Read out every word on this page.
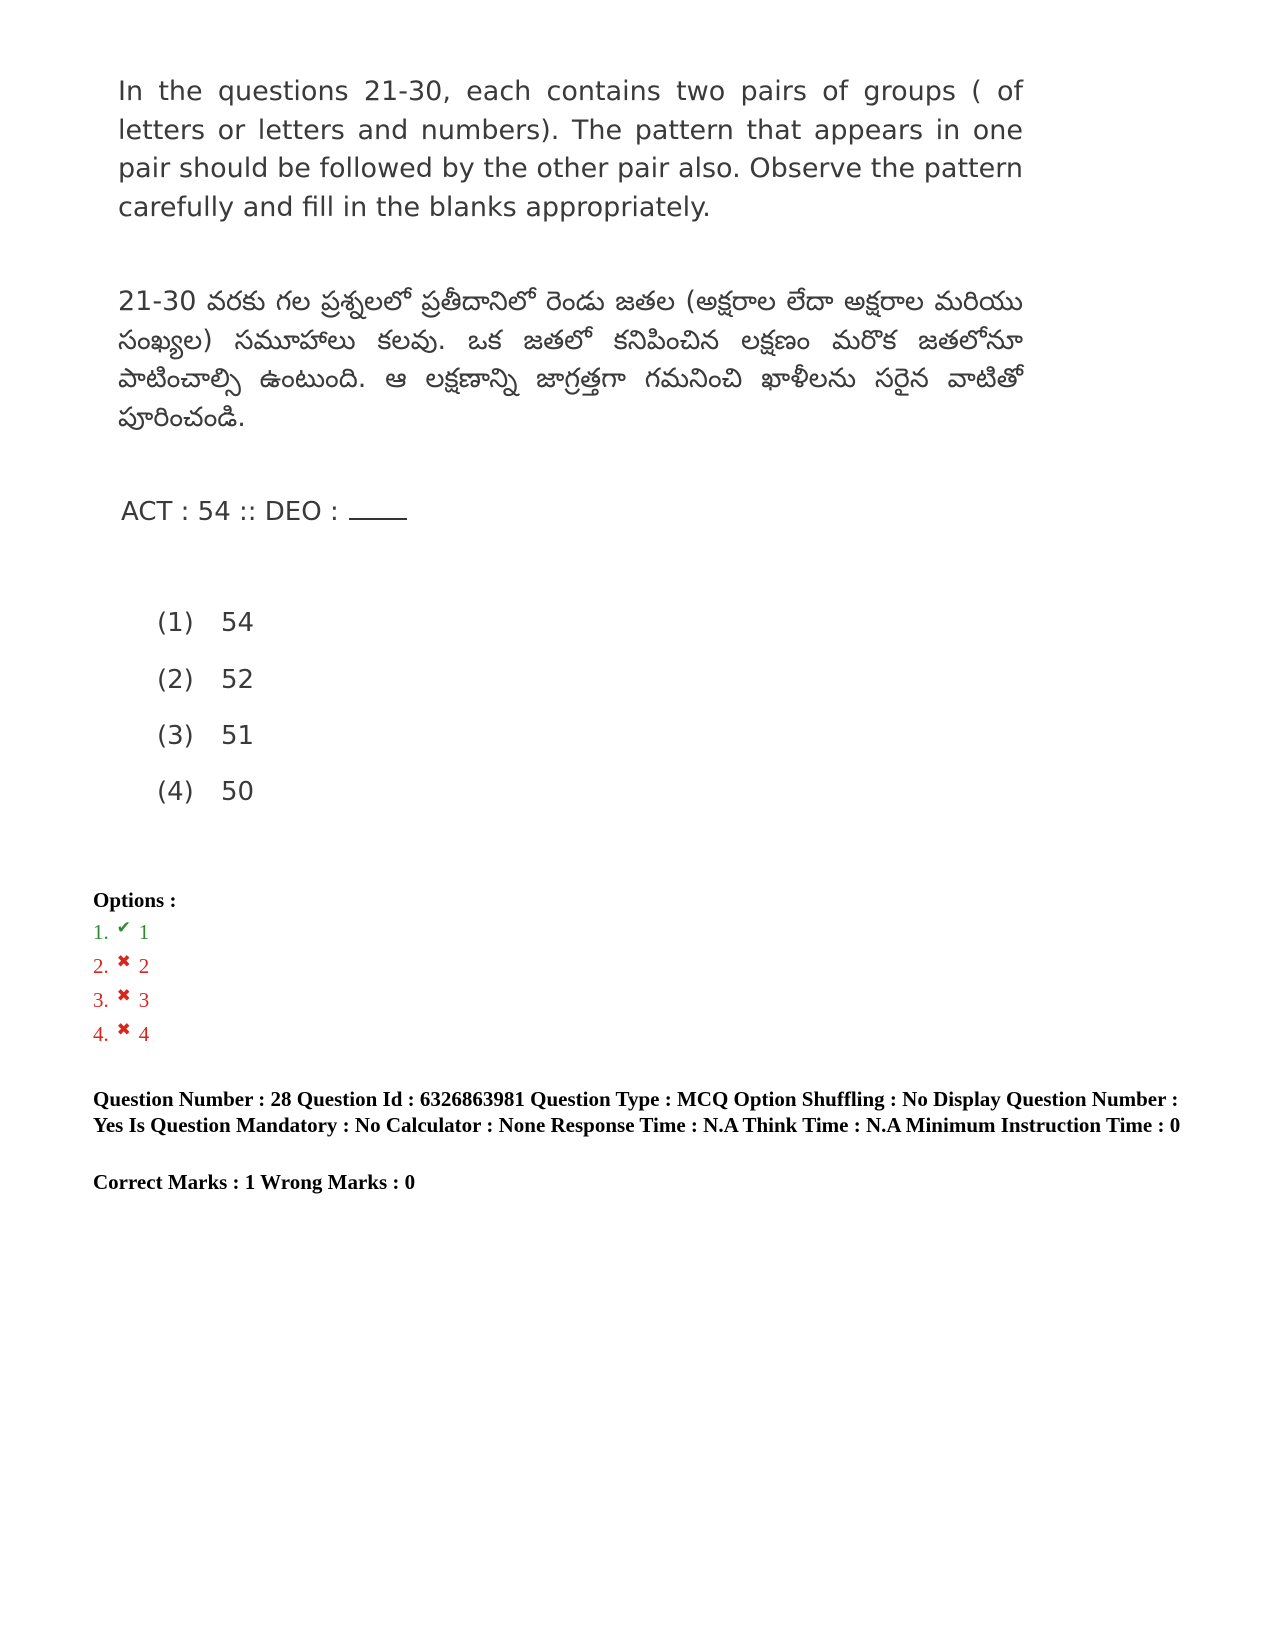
In the questions 21-30, each contains two pairs of groups ( of letters or letters and numbers). The pattern that appears in one pair should be followed by the other pair also. Observe the pattern carefully and fill in the blanks appropriately.
21-30 వరకు గల ప్రశ్నలలో ప్రతీదానిలో రెండు జతల (అక్షరాల లేదా అక్షరాల మరియు సంఖ్యల) సమూహాలు కలవు. ఒక జతలో కనిపించిన లక్షణం మరొక జతలోనూ పాటించాల్సి ఉంటుంది. ఆ లక్షణాన్ని జాగ్రత్తగా గమనించి ఖాళీలను సరైన వాటితో పూరించండి.
ACT : 54 :: DEO :
(1) 54
(2) 52
(3) 51
(4) 50
Options :
1. ✔ 1
2. ✖ 2
3. ✖ 3
4. ✖ 4
Question Number : 28 Question Id : 6326863981 Question Type : MCQ Option Shuffling : No Display Question Number : Yes Is Question Mandatory : No Calculator : None Response Time : N.A Think Time : N.A Minimum Instruction Time : 0
Correct Marks : 1 Wrong Marks : 0
